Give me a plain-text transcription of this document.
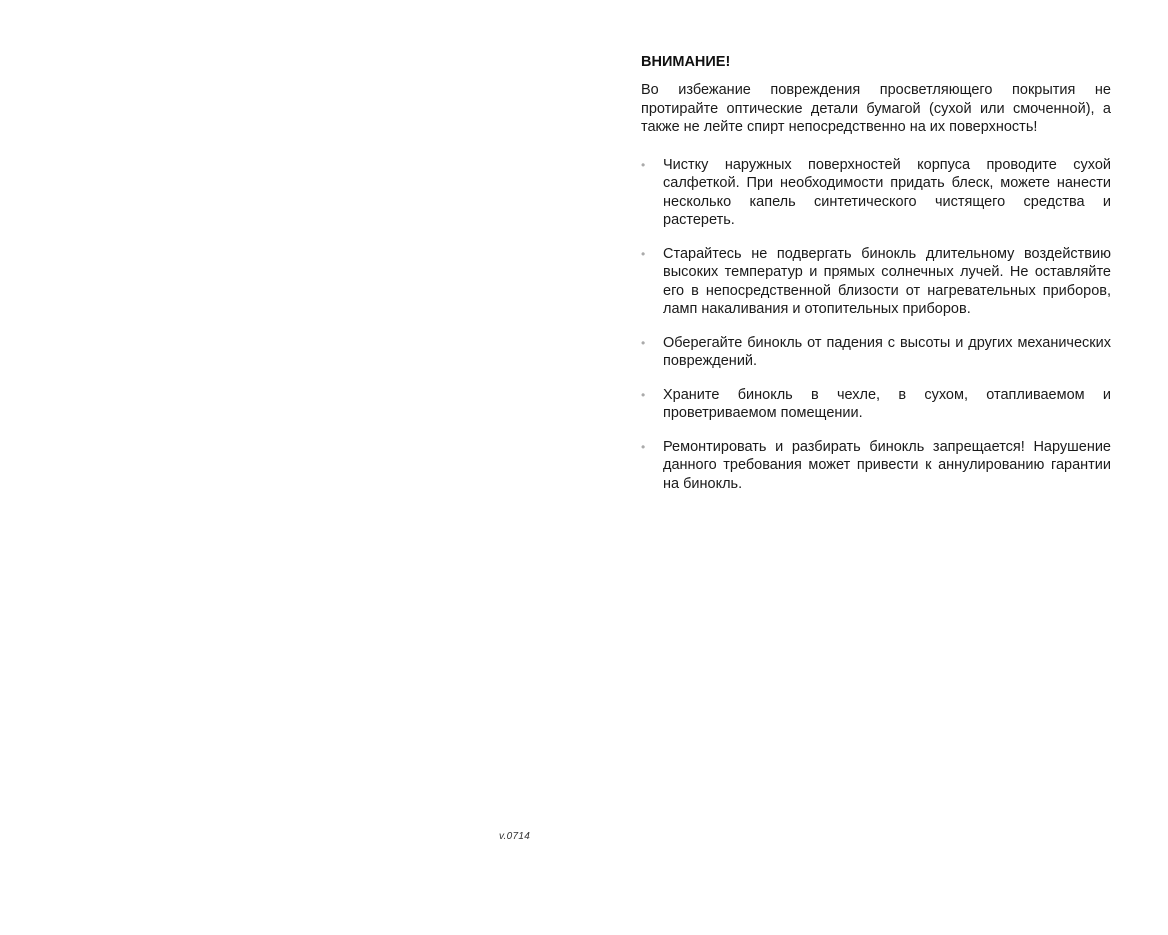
v.0714
ВНИМАНИЕ!

Во избежание повреждения просветляющего покрытия не протирайте оптические детали бумагой (сухой или смоченной), а также не лейте спирт непосредственно на их поверхность!

• Чистку наружных поверхностей корпуса проводите сухой салфеткой. При необходимости придать блеск, можете нанести несколько капель синтетического чистящего средства и растереть.
• Старайтесь не подвергать бинокль длительному воздействию высоких температур и прямых солнечных лучей. Не оставляйте его в непосредственной близости от нагревательных приборов, ламп накаливания и отопительных приборов.
• Оберегайте бинокль от падения с высоты и других механических повреждений.
• Храните бинокль в чехле, в сухом, отапливаемом и проветриваемом помещении.
• Ремонтировать и разбирать бинокль запрещается! Нарушение данного требования может привести к аннулированию гарантии на бинокль.
